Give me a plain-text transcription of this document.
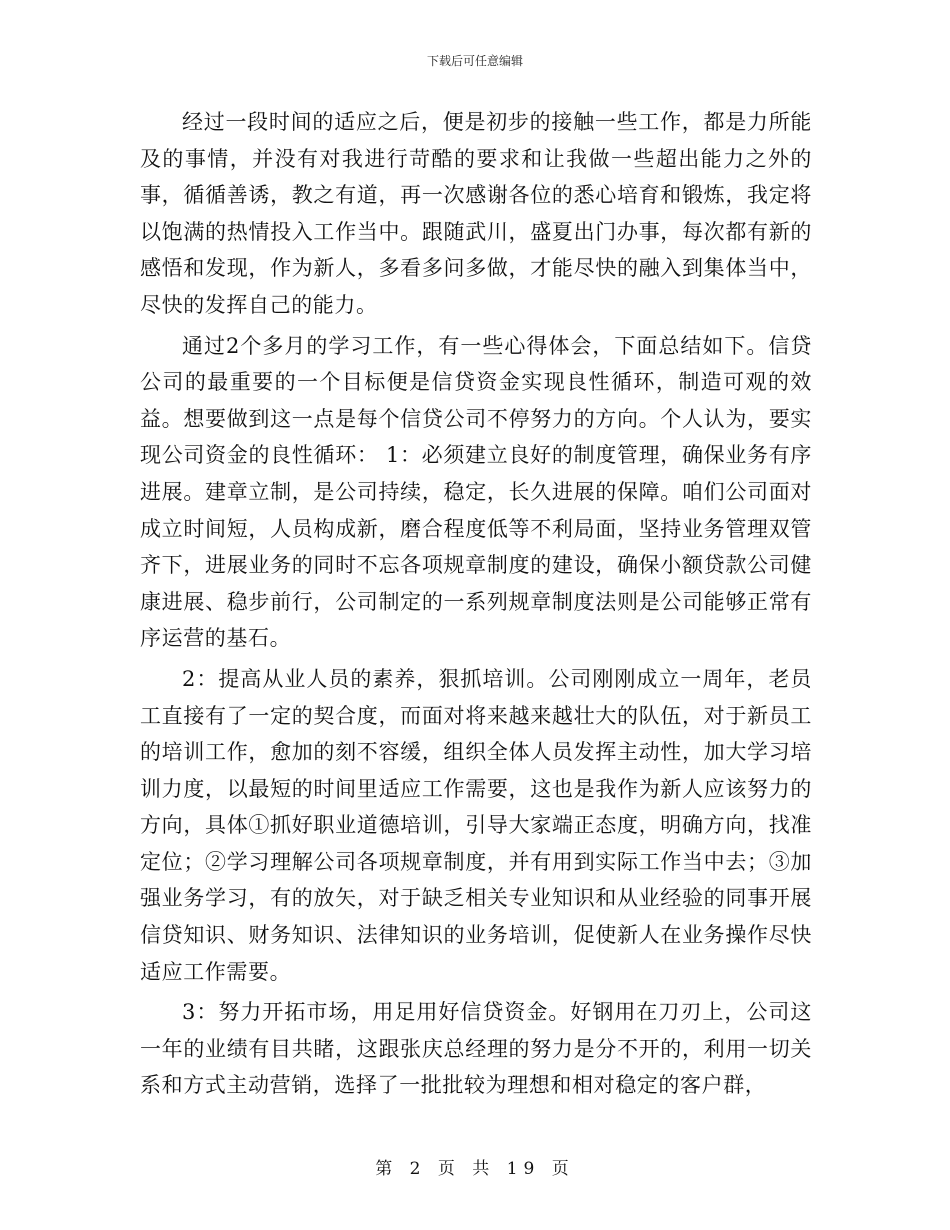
下载后可任意编辑

经过一段时间的适应之后，便是初步的接触一些工作，都是力所能及的事情，并没有对我进行苛酷的要求和让我做一些超出能力之外的事，循循善诱，教之有道，再一次感谢各位的悉心培育和锻炼，我定将以饱满的热情投入工作当中。跟随武川，盛夏出门办事，每次都有新的感悟和发现，作为新人，多看多问多做，才能尽快的融入到集体当中，尽快的发挥自己的能力。

通过2个多月的学习工作，有一些心得体会，下面总结如下。信贷公司的最重要的一个目标便是信贷资金实现良性循环，制造可观的效益。想要做到这一点是每个信贷公司不停努力的方向。个人认为，要实现公司资金的良性循环： 1：必须建立良好的制度管理，确保业务有序进展。建章立制，是公司持续，稳定，长久进展的保障。咱们公司面对成立时间短，人员构成新，磨合程度低等不利局面，坚持业务管理双管齐下，进展业务的同时不忘各项规章制度的建设，确保小额贷款公司健康进展、稳步前行，公司制定的一系列规章制度法则是公司能够正常有序运营的基石。

2：提高从业人员的素养，狠抓培训。公司刚刚成立一周年，老员工直接有了一定的契合度，而面对将来越来越壮大的队伍，对于新员工的培训工作，愈加的刻不容缓，组织全体人员发挥主动性，加大学习培训力度，以最短的时间里适应工作需要，这也是我作为新人应该努力的方向，具体①抓好职业道德培训，引导大家端正态度，明确方向，找准定位；②学习理解公司各项规章制度，并有用到实际工作当中去；③加强业务学习，有的放矢，对于缺乏相关专业知识和从业经验的同事开展信贷知识、财务知识、法律知识的业务培训，促使新人在业务操作尽快适应工作需要。

3：努力开拓市场，用足用好信贷资金。好钢用在刀刃上，公司这一年的业绩有目共睹，这跟张庆总经理的努力是分不开的，利用一切关系和方式主动营销，选择了一批批较为理想和相对稳定的客户群，

第 2 页 共 19 页
